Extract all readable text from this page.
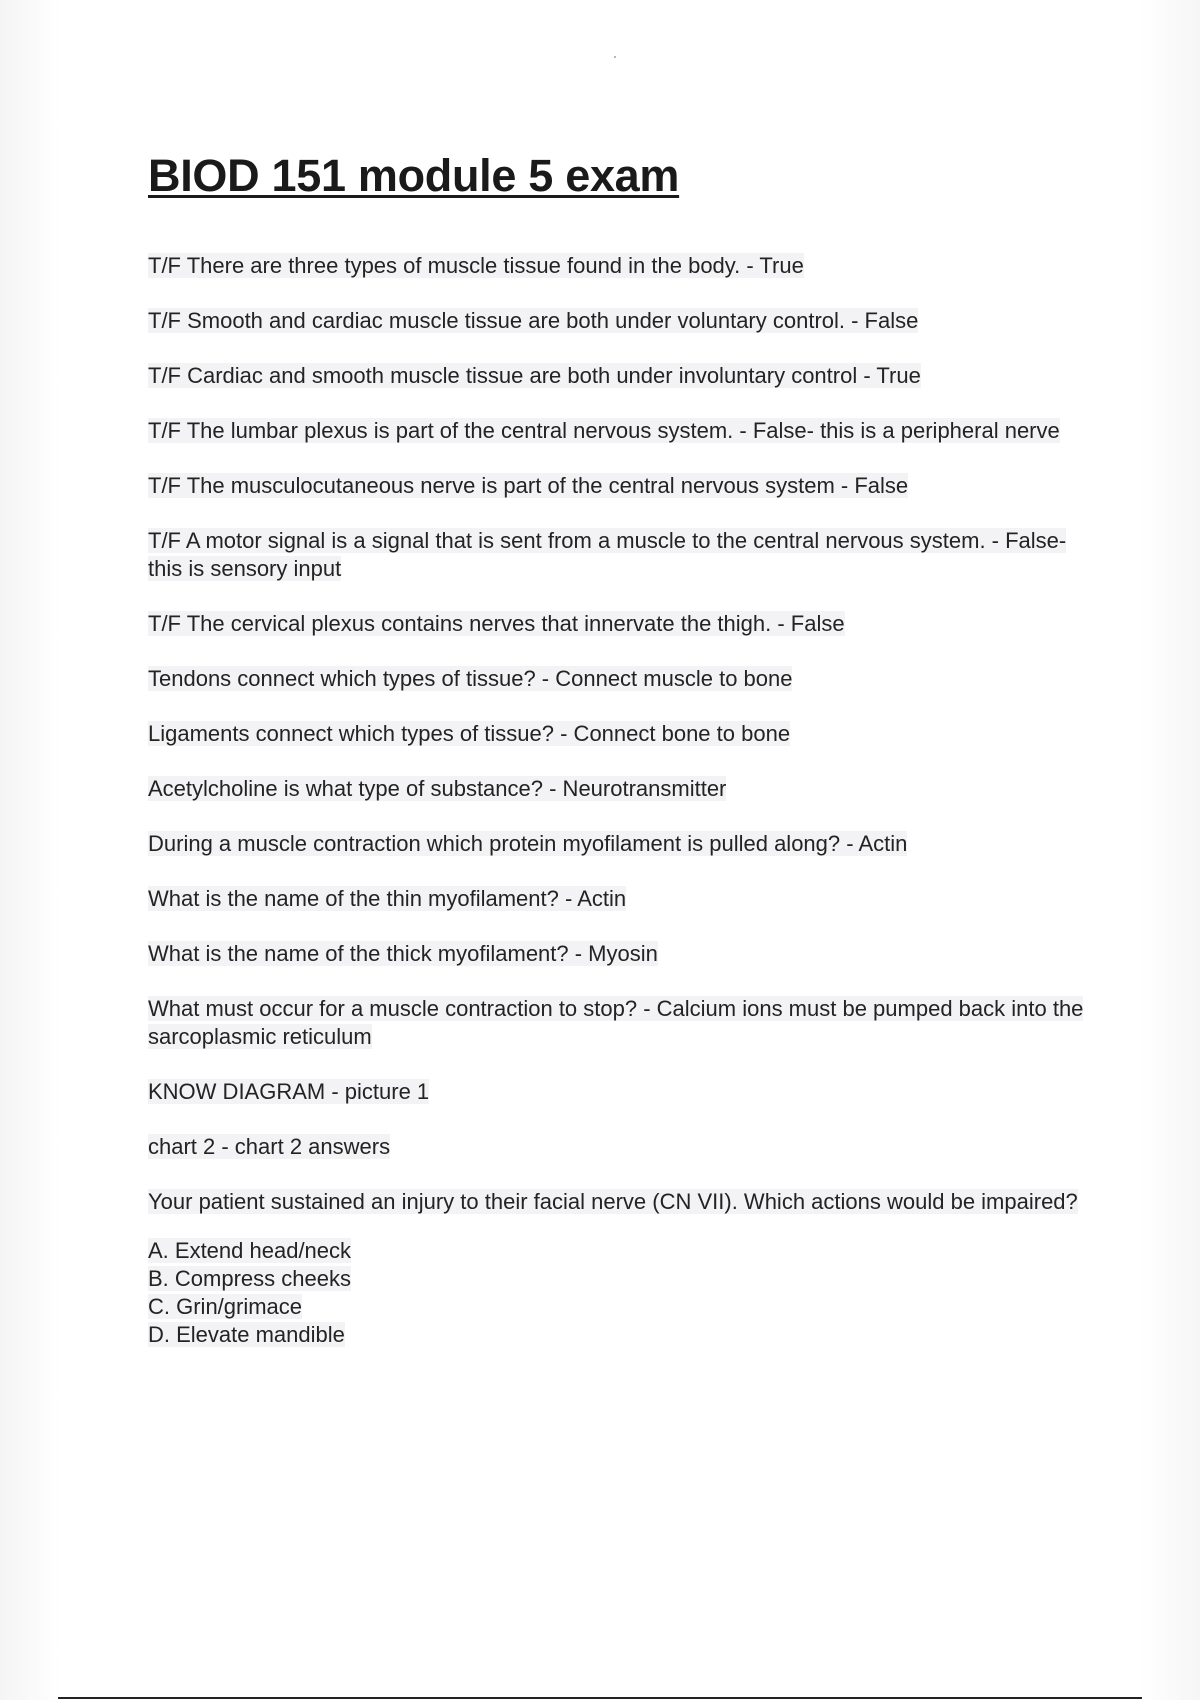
BIOD 151 module 5 exam

T/F There are three types of muscle tissue found in the body. - True

T/F Smooth and cardiac muscle tissue are both under voluntary control. - False

T/F Cardiac and smooth muscle tissue are both under involuntary control - True

T/F The lumbar plexus is part of the central nervous system. - False- this is a peripheral nerve

T/F The musculocutaneous nerve is part of the central nervous system - False

T/F A motor signal is a signal that is sent from a muscle to the central nervous system. - False- this is sensory input

T/F The cervical plexus contains nerves that innervate the thigh. - False

Tendons connect which types of tissue? - Connect muscle to bone

Ligaments connect which types of tissue? - Connect bone to bone

Acetylcholine is what type of substance? - Neurotransmitter

During a muscle contraction which protein myofilament is pulled along? - Actin

What is the name of the thin myofilament? - Actin

What is the name of the thick myofilament? - Myosin

What must occur for a muscle contraction to stop? - Calcium ions must be pumped back into the sarcoplasmic reticulum

KNOW DIAGRAM - picture 1

chart 2 - chart 2 answers

Your patient sustained an injury to their facial nerve (CN VII). Which actions would be impaired?

A. Extend head/neck
B. Compress cheeks
C. Grin/grimace
D. Elevate mandible
